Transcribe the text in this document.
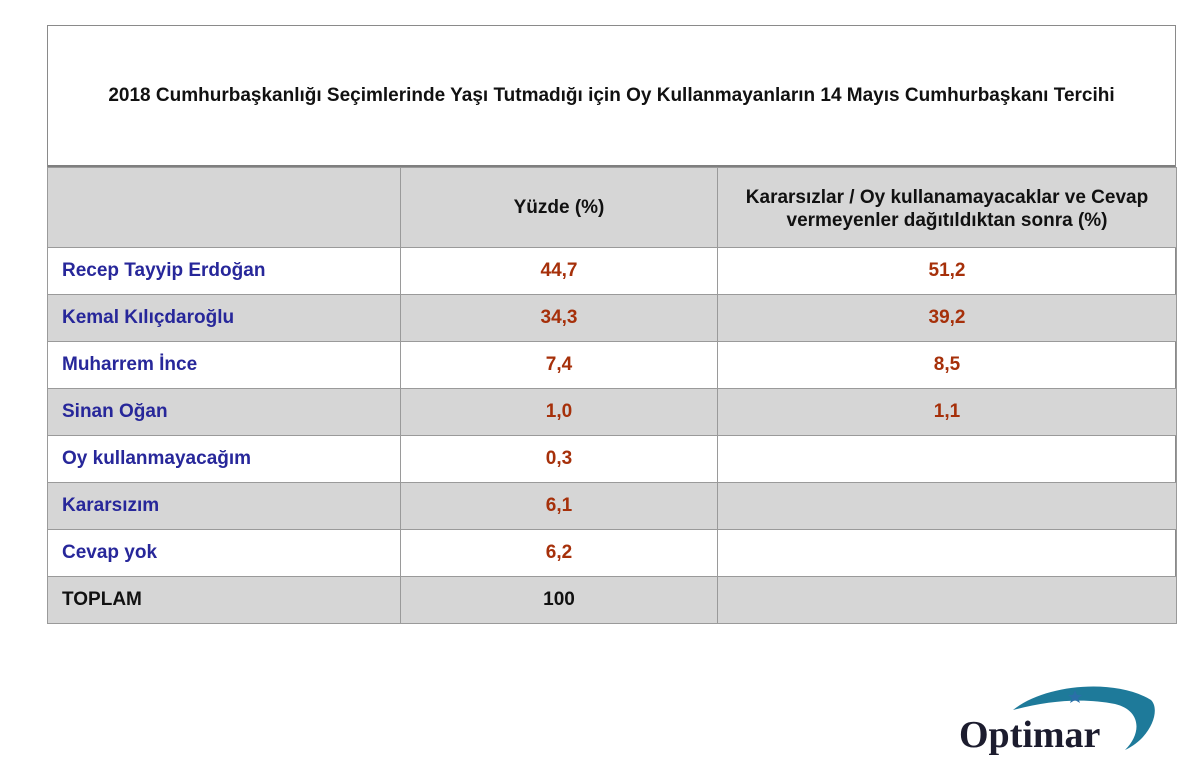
2018 Cumhurbaşkanlığı Seçimlerinde Yaşı Tutmadığı için Oy Kullanmayanların 14 Mayıs Cumhurbaşkanı Tercihi
	Yüzde (%)	Kararsızlar / Oy kullanamayacaklar ve Cevap vermeyenler dağıtıldıktan sonra (%)
Recep Tayyip Erdoğan	44,7	51,2
Kemal Kılıçdaroğlu	34,3	39,2
Muharrem İnce	7,4	8,5
Sinan Oğan	1,0	1,1
Oy kullanmayacağım	0,3	
Kararsızım	6,1	
Cevap yok	6,2	
TOPLAM	100	
Optimar
